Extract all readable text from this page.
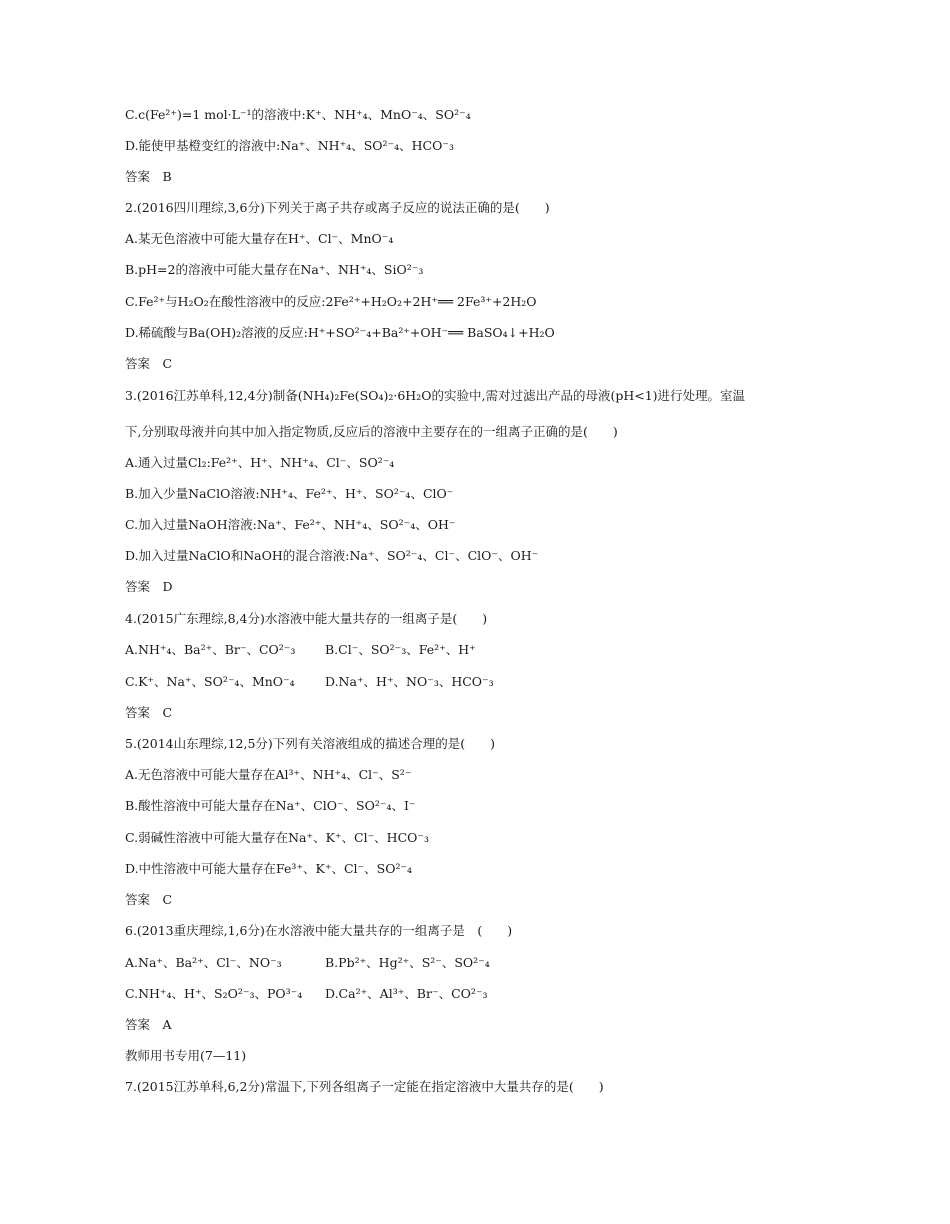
C.c(Fe²⁺)=1 mol·L⁻¹的溶液中:K⁺、NH⁺₄、MnO⁻₄、SO²⁻₄
D.能使甲基橙变红的溶液中:Na⁺、NH⁺₄、SO²⁻₄、HCO⁻₃
答案　B
2.(2016四川理综,3,6分)下列关于离子共存或离子反应的说法正确的是(　　)
A.某无色溶液中可能大量存在H⁺、Cl⁻、MnO⁻₄
B.pH=2的溶液中可能大量存在Na⁺、NH⁺₄、SiO²⁻₃
C.Fe²⁺与H₂O₂在酸性溶液中的反应:2Fe²⁺+H₂O₂+2H⁺══ 2Fe³⁺+2H₂O
D.稀硫酸与Ba(OH)₂溶液的反应:H⁺+SO²⁻₄+Ba²⁺+OH⁻══ BaSO₄↓+H₂O
答案　C
3.(2016江苏单科,12,4分)制备(NH₄)₂Fe(SO₄)₂·6H₂O的实验中,需对过滤出产品的母液(pH<1)进行处理。室温
下,分别取母液并向其中加入指定物质,反应后的溶液中主要存在的一组离子正确的是(　　)
A.通入过量Cl₂:Fe²⁺、H⁺、NH⁺₄、Cl⁻、SO²⁻₄
B.加入少量NaClO溶液:NH⁺₄、Fe²⁺、H⁺、SO²⁻₄、ClO⁻
C.加入过量NaOH溶液:Na⁺、Fe²⁺、NH⁺₄、SO²⁻₄、OH⁻
D.加入过量NaClO和NaOH的混合溶液:Na⁺、SO²⁻₄、Cl⁻、ClO⁻、OH⁻
答案　D
4.(2015广东理综,8,4分)水溶液中能大量共存的一组离子是(　　)
A.NH⁺₄、Ba²⁺、Br⁻、CO²⁻₃ B.Cl⁻、SO²⁻₃、Fe²⁺、H⁺
C.K⁺、Na⁺、SO²⁻₄、MnO⁻₄ D.Na⁺、H⁺、NO⁻₃、HCO⁻₃
答案　C
5.(2014山东理综,12,5分)下列有关溶液组成的描述合理的是(　　)
A.无色溶液中可能大量存在Al³⁺、NH⁺₄、Cl⁻、S²⁻
B.酸性溶液中可能大量存在Na⁺、ClO⁻、SO²⁻₄、I⁻
C.弱碱性溶液中可能大量存在Na⁺、K⁺、Cl⁻、HCO⁻₃
D.中性溶液中可能大量存在Fe³⁺、K⁺、Cl⁻、SO²⁻₄
答案　C
6.(2013重庆理综,1,6分)在水溶液中能大量共存的一组离子是　(　　)
A.Na⁺、Ba²⁺、Cl⁻、NO⁻₃	B.Pb²⁺、Hg²⁺、S²⁻、SO²⁻₄
C.NH⁺₄、H⁺、S₂O²⁻₃、PO³⁻₄ D.Ca²⁺、Al³⁺、Br⁻、CO²⁻₃
答案　A
教师用书专用(7—11)
7.(2015江苏单科,6,2分)常温下,下列各组离子一定能在指定溶液中大量共存的是(　　)
